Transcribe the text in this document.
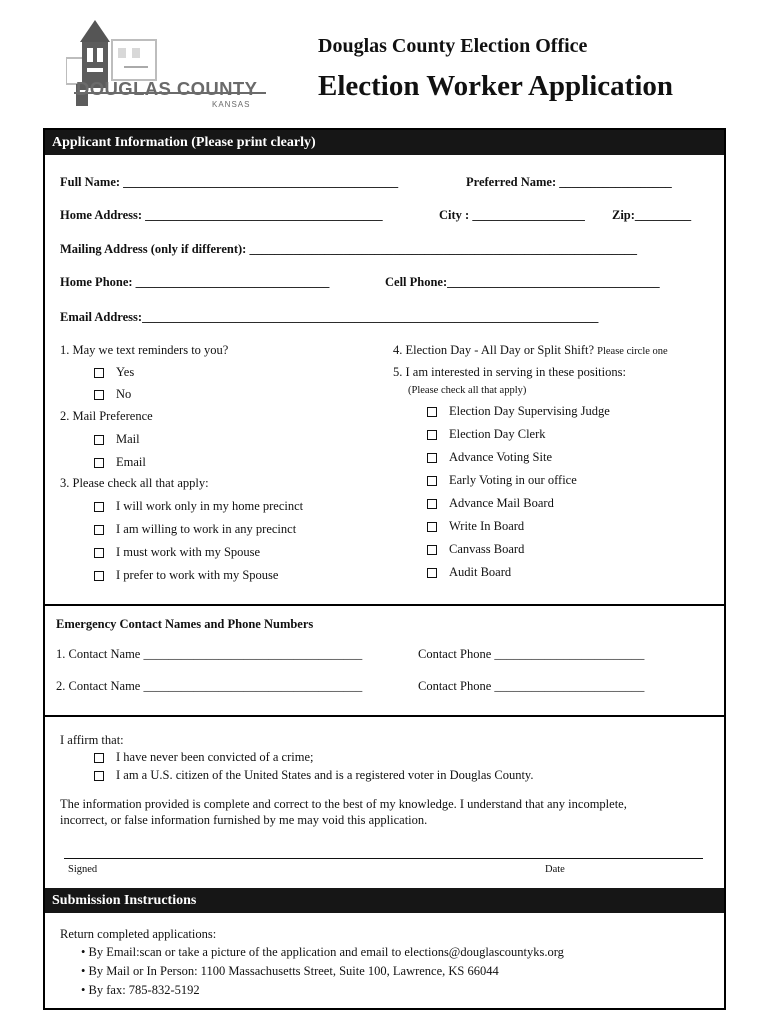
DOUGLAS COUNTY
KANSAS
Douglas County Election Office
Election Worker Application
Applicant Information (Please print clearly)
Full Name: ____________________________________________	Preferred Name: __________________
Home Address: ______________________________________	City : __________________ Zip:_________
Mailing Address (only if different): ______________________________________________________________
Home Phone: _______________________________	Cell Phone:__________________________________
Email Address:_________________________________________________________________________
1. May we text reminders to you?
Yes
No
2. Mail Preference
Mail
Email
3. Please check all that apply:
I will work only in my home precinct
I am willing to work in any precinct
I must work with my Spouse
I prefer to work with my Spouse
4. Election Day - All Day or Split Shift? Please circle one
5. I am interested in serving in these positions:
(Please check all that apply)
Election Day Supervising Judge
Election Day Clerk
Advance Voting Site
Early Voting in our office
Advance Mail Board
Write In Board
Canvass Board
Audit Board
Emergency Contact Names and Phone Numbers
1. Contact Name ___________________________________	Contact Phone ________________________
2. Contact Name ___________________________________	Contact Phone ________________________
I affirm that:
I have never been convicted of a crime;
I am a U.S. citizen of the United States and is a registered voter in Douglas County.
The information provided is complete and correct to the best of my knowledge. I understand that any incomplete,
incorrect, or false information furnished by me may void this application.
Signed	Date
Submission Instructions
Return completed applications:
• By Email:scan or take a picture of the application and email to elections@douglascountyks.org
• By Mail or In Person: 1100 Massachusetts Street, Suite 100, Lawrence, KS 66044
• By fax: 785-832-5192
